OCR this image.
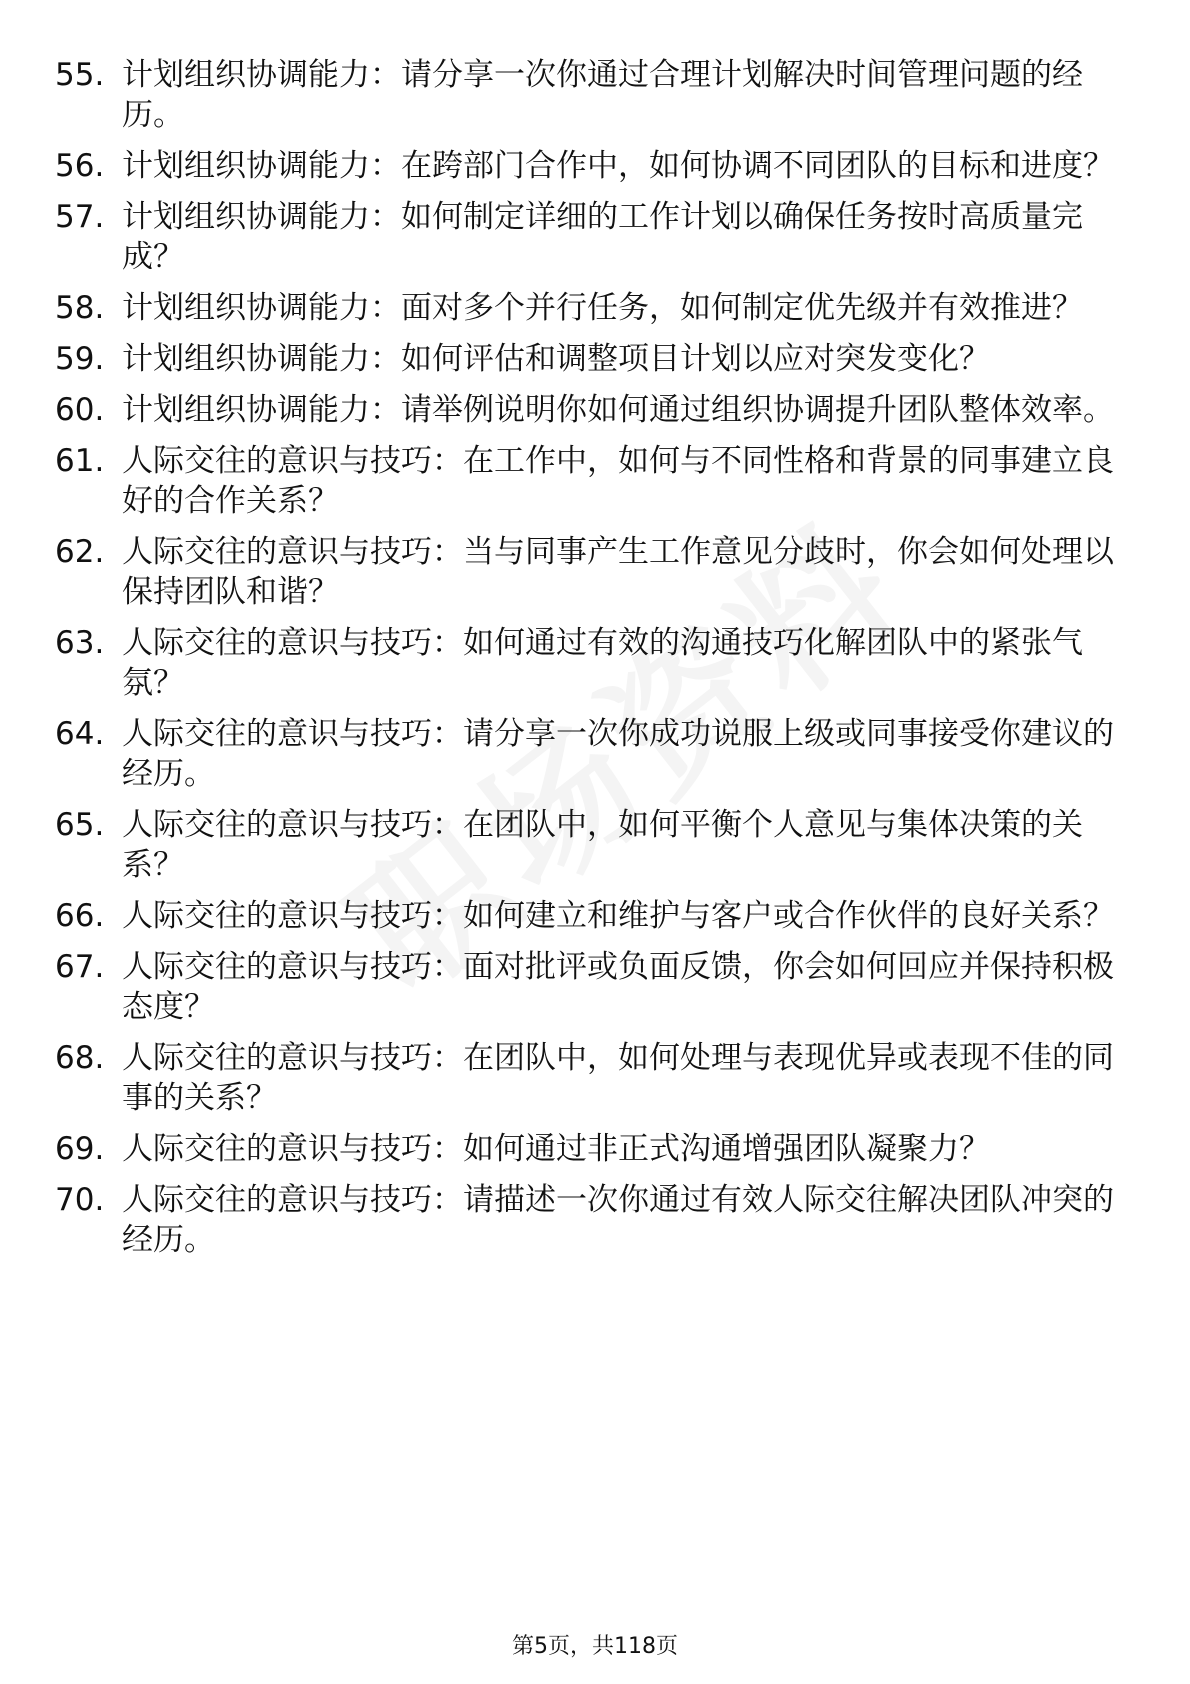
55. 计划组织协调能力：请分享一次你通过合理计划解决时间管理问题的经历。
56. 计划组织协调能力：在跨部门合作中，如何协调不同团队的目标和进度？
57. 计划组织协调能力：如何制定详细的工作计划以确保任务按时高质量完成？
58. 计划组织协调能力：面对多个并行任务，如何制定优先级并有效推进？
59. 计划组织协调能力：如何评估和调整项目计划以应对突发变化？
60. 计划组织协调能力：请举例说明你如何通过组织协调提升团队整体效率。
61. 人际交往的意识与技巧：在工作中，如何与不同性格和背景的同事建立良好的合作关系？
62. 人际交往的意识与技巧：当与同事产生工作意见分歧时，你会如何处理以保持团队和谐？
63. 人际交往的意识与技巧：如何通过有效的沟通技巧化解团队中的紧张气氛？
64. 人际交往的意识与技巧：请分享一次你成功说服上级或同事接受你建议的经历。
65. 人际交往的意识与技巧：在团队中，如何平衡个人意见与集体决策的关系？
66. 人际交往的意识与技巧：如何建立和维护与客户或合作伙伴的良好关系？
67. 人际交往的意识与技巧：面对批评或负面反馈，你会如何回应并保持积极态度？
68. 人际交往的意识与技巧：在团队中，如何处理与表现优异或表现不佳的同事的关系？
69. 人际交往的意识与技巧：如何通过非正式沟通增强团队凝聚力？
70. 人际交往的意识与技巧：请描述一次你通过有效人际交往解决团队冲突的经历。
第5页，共118页
